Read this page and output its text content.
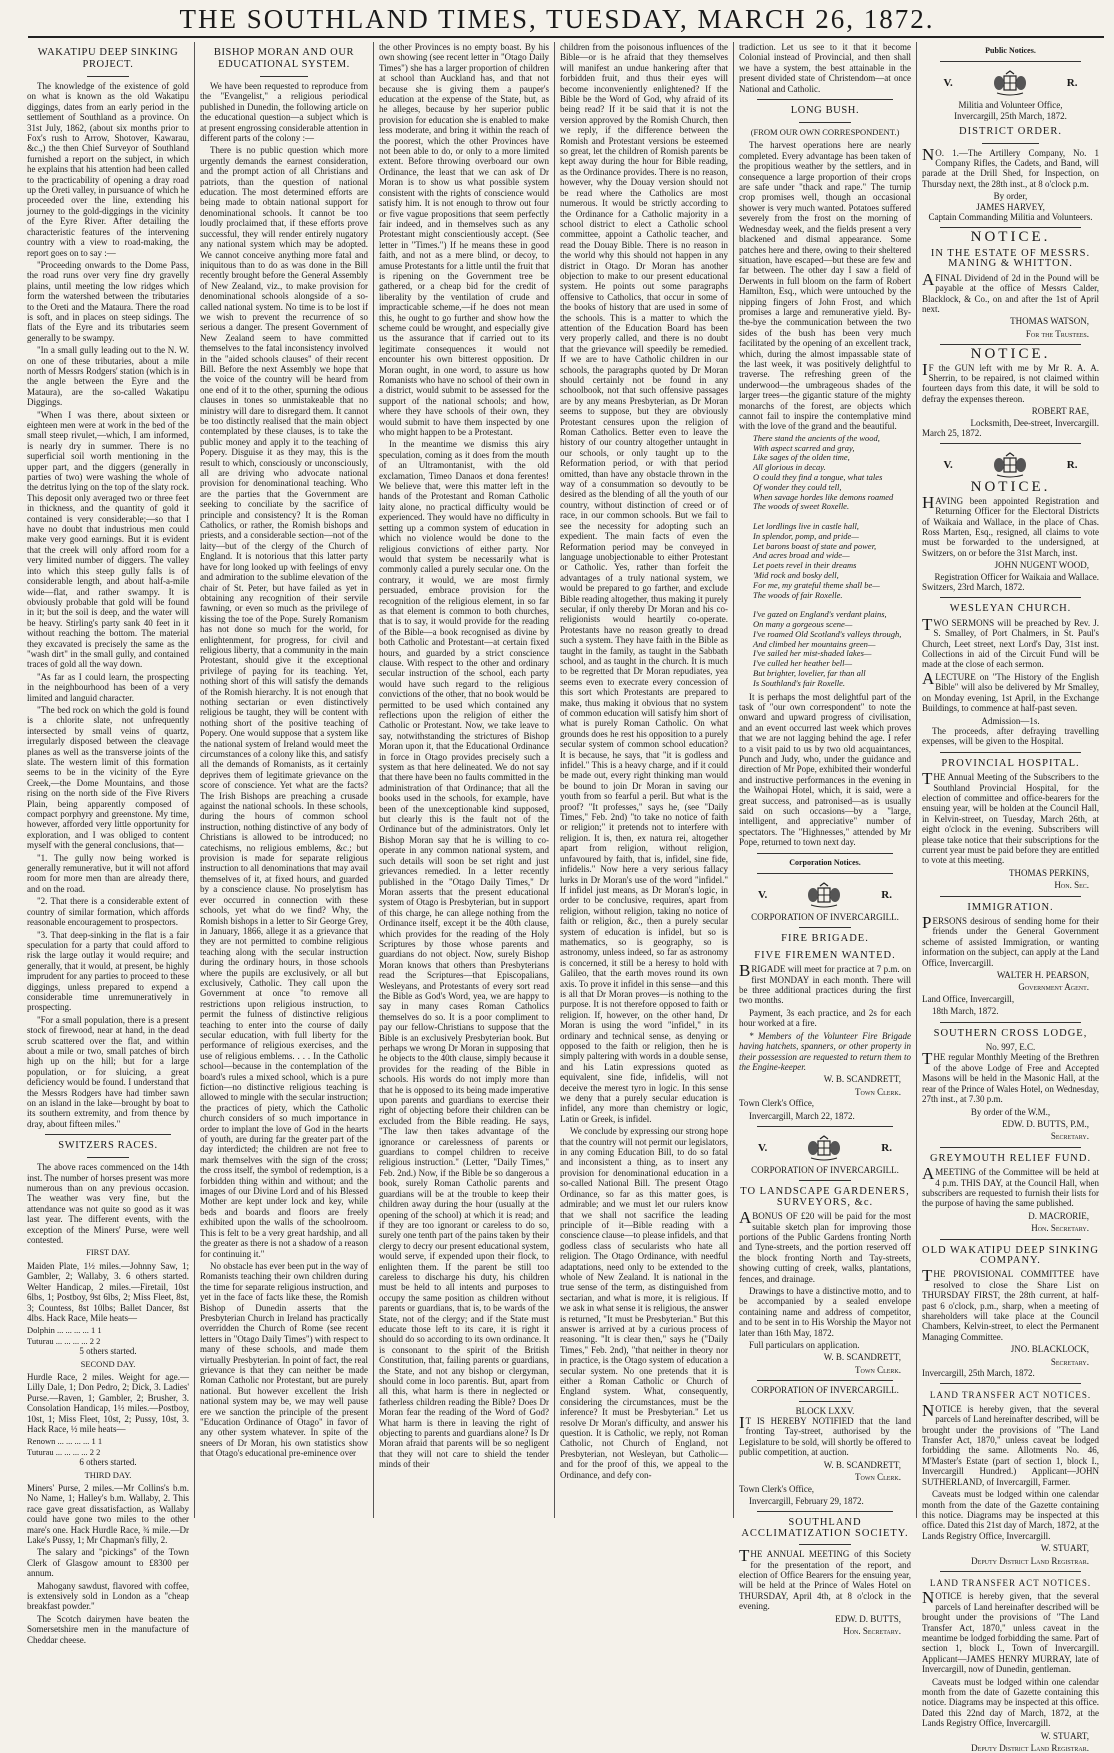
THE SOUTHLAND TIMES, TUESDAY, MARCH 26, 1872.
WAKATIPU DEEP SINKING PROJECT.

The knowledge of the existence of gold on what is known as the old Wakatipu diggings, dates from an early period in the settlement of Southland as a province. On 31st July, 1862, (about six months prior to Fox's rush to Arrow, Shotover, Kawarau, &c.,) the then Chief Surveyor of Southland furnished a report on the subject, in which he explains that his attention had been called to the practicability of opening a dray road up the Oreti valley, in pursuance of which he proceeded over the line, extending his journey to the gold-diggings in the vicinity of the Eyre River. After detailing the characteristic features of the intervening country with a view to road-making, the report goes on to say :—

"Proceeding onwards to the Dome Pass, the road runs over very fine dry gravelly plains, until meeting the low ridges which form the watershed between the tributaries to the Oreti and the Mataura. There the road is soft, and in places on steep sidings. The flats of the Eyre and its tributaries seem generally to be swampy.

"In a small gully leading out to the N. W. on one of these tributaries, about a mile north of Messrs Rodgers' station (which is in the angle between the Eyre and the Mataura), are the so-called Wakatipu Diggings.

"When I was there, about sixteen or eighteen men were at work in the bed of the small steep rivulet,—which, I am informed, is nearly dry in summer. There is no superficial soil worth mentioning in the upper part, and the diggers (generally in parties of two) were washing the whole of the detritus lying on the top of the slaty rock. This deposit only averaged two or three feet in thickness, and the quantity of gold it contained is very considerable;—so that I have no doubt that industrious men could make very good earnings. But it is evident that the creek will only afford room for a very limited number of diggers. The valley into which this steep gully falls is of considerable length, and about half-a-mile wide—flat, and rather swampy. It is obviously probable that gold will be found in it; but the soil is deep, and the water will be heavy. Stirling's party sank 40 feet in it without reaching the bottom. The material they excavated is precisely the same as the "wash dirt" in the small gully, and contained traces of gold all the way down.

"As far as I could learn, the prospecting in the neighbourhood has been of a very limited and languid character.

"The bed rock on which the gold is found is a chlorite slate, not unfrequently intersected by small veins of quartz, irregularly disposed between the cleavage planes as well as the transverse joints of the slate. The western limit of this formation seems to be in the vicinity of the Eyre Creek,—the Dome Mountains, and those rising on the north side of the Five Rivers Plain, being apparently composed of compact porphyry and greenstone. My time, however, afforded very little opportunity for exploration, and I was obliged to content myself with the general conclusions, that—

"1. The gully now being worked is generally remunerative, but it will not afford room for more men than are already there, and on the road.

"2. That there is a considerable extent of country of similar formation, which affords reasonable encouragement to prospectors.

"3. That deep-sinking in the flat is a fair speculation for a party that could afford to risk the large outlay it would require; and generally, that it would, at present, be highly imprudent for any parties to proceed to these diggings, unless prepared to expend a considerable time unremuneratively in prospecting.

"For a small population, there is a present stock of firewood, near at hand, in the dead scrub scattered over the flat, and within about a mile or two, small patches of birch high up on the hill; but for a large population, or for sluicing, a great deficiency would be found. I understand that the Messrs Rodgers have had timber sawn on an island in the lake—brought by boat to its southern extremity, and from thence by dray, about fifteen miles."

SWITZERS RACES.

The above races commenced on the 14th inst. The number of horses present was more numerous than on any previous occasion. The weather was very fine, but the attendance was not quite so good as it was last year. The different events, with the exception of the Miners' Purse, were well contested.

FIRST DAY.

Maiden Plate, 1½ miles.—Johnny Saw, 1; Gambler, 2; Wallaby, 3. 6 others started. Welter Handicap, 2 miles.—Firetail, 10st 6lbs, 1; Postboy, 9st 6lbs, 2; Miss Fleet, 8st, 3; Countess, 8st 10lbs; Ballet Dancer, 8st 4lbs. Hack Race, Mile heats—

Dolphin ... ... ... ... 1 1
Tuturau ... ... ... ... 2 2
5 others started.
SECOND DAY.

Hurdle Race, 2 miles. Weight for age.—Lilly Dale, 1; Don Pedro, 2; Dick, 3. Ladies' Purse.—Raven, 1; Gambler, 2; Brusher, 3. Consolation Handicap, 1½ miles.—Postboy, 10st, 1; Miss Fleet, 10st, 2; Pussy, 10st, 3. Hack Race, ½ mile heats—

Renown ... ... ... ... 1 1
Tuturau ... ... ... ... 2 2
6 others started.
THIRD DAY.

Miners' Purse, 2 miles.—Mr Collins's b.m. No Name, 1; Halley's b.m. Wallaby, 2. This race gave great dissatisfaction, as Wallaby could have gone two miles to the other mare's one. Hack Hurdle Race, ¾ mile.—Dr Lake's Pussy, 1; Mr Chapman's filly, 2.

The salary and "pickings" of the Town Clerk of Glasgow amount to £8300 per annum.

Mahogany sawdust, flavored with coffee, is extensively sold in London as a "cheap breakfast powder."

The Scotch dairymen have beaten the Somersetshire men in the manufacture of Cheddar cheese.

BISHOP MORAN AND OUR EDUCATIONAL SYSTEM.

We have been requested to reproduce from the "Evangelist," a religious periodical published in Dunedin, the following article on the educational question—a subject which is at present engrossing considerable attention in different parts of the colony :—

There is no public question which more urgently demands the earnest consideration, and the prompt action of all Christians and patriots, than the question of national education. The most determined efforts are being made to obtain national support for denominational schools. It cannot be too loudly proclaimed that, if these efforts prove successful, they will render entirely nugatory any national system which may be adopted. We cannot conceive anything more fatal and iniquitous than to do as was done in the Bill recently brought before the General Assembly of New Zealand, viz., to make provision for denominational schools alongside of a so-called national system. No time is to be lost if we wish to prevent the recurrence of so serious a danger. The present Government of New Zealand seem to have committed themselves to the fatal inconsistency involved in the "aided schools clauses" of their recent Bill. Before the next Assembly we hope that the voice of the country will be heard from one end of it to the other, spurning the odious clauses in tones so unmistakeable that no ministry will dare to disregard them. It cannot be too distinctly realised that the main object contemplated by these clauses, is to take the public money and apply it to the teaching of Popery. Disguise it as they may, this is the result to which, consciously or unconsciously, all are driving who advocate national provision for denominational teaching. Who are the parties that the Government are seeking to conciliate by the sacrifice of principle and consistency? It is the Roman Catholics, or rather, the Romish bishops and priests, and a considerable section—not of the laity—but of the clergy of the Church of England. It is notorious that this latter party have for long looked up with feelings of envy and admiration to the sublime elevation of the chair of St. Peter, but have failed as yet in obtaining any recognition of their servile fawning, or even so much as the privilege of kissing the toe of the Pope. Surely Romanism has not done so much for the world, for enlightenment, for progress, for civil and religious liberty, that a community in the main Protestant, should give it the exceptional privilege of paying for its teaching. Yet, nothing short of this will satisfy the demands of the Romish hierarchy. It is not enough that nothing sectarian or even distinctively religious be taught, they will be content with nothing short of the positive teaching of Popery. One would suppose that a system like the national system of Ireland would meet the circumstances of a colony like this, and satisfy all the demands of Romanists, as it certainly deprives them of legitimate grievance on the score of conscience. Yet what are the facts? The Irish Bishops are preaching a crusade against the national schools. In these schools, during the hours of common school instruction, nothing distinctive of any body of Christians is allowed to be introduced; no catechisms, no religious emblems, &c.; but provision is made for separate religious instruction to all denominations that may avail themselves of it, at fixed hours, and guarded by a conscience clause. No proselytism has ever occurred in connection with these schools, yet what do we find? Why, the Romish bishops in a letter to Sir George Grey, in January, 1866, allege it as a grievance that they are not permitted to combine religious teaching along with the secular instruction during the ordinary hours, in those schools where the pupils are exclusively, or all but exclusively, Catholic. They call upon the Government at once "to remove all restrictions upon religious instruction, to permit the fulness of distinctive religious teaching to enter into the course of daily secular education, with full liberty for the performance of religious exercises, and the use of religious emblems. . . . In the Catholic school—because in the contemplation of the board's rules a mixed school, which is a pure fiction—no distinctive religious teaching is allowed to mingle with the secular instruction; the practices of piety, which the Catholic church considers of so much importance in order to implant the love of God in the hearts of youth, are during far the greater part of the day interdicted; the children are not free to mark themselves with the sign of the cross; the cross itself, the symbol of redemption, is a forbidden thing within and without; and the images of our Divine Lord and of his Blessed Mother are kept under lock and key, while beds and boards and floors are freely exhibited upon the walls of the schoolroom. This is felt to be a very great hardship, and all the greater as there is not a shadow of a reason for continuing it."

No obstacle has ever been put in the way of Romanists teaching their own children during the time for separate religious instruction, and yet in the face of facts like these, the Romish Bishop of Dunedin asserts that the Presbyterian Church in Ireland has practically overridden the Church of Rome (see recent letters in "Otago Daily Times") with respect to many of these schools, and made them virtually Presbyterian. In point of fact, the real grievance is that they can neither be made Roman Catholic nor Protestant, but are purely national. But however excellent the Irish national system may be, we may well pause ere we sanction the principle of the present "Education Ordinance of Otago" in favor of any other system whatever. In spite of the sneers of Dr Moran, his own statistics show that Otago's educational pre-eminence over

the other Provinces is no empty boast. By his own showing (see recent letter in "Otago Daily Times") she has a larger proportion of children at school than Auckland has, and that not because she is giving them a pauper's education at the expense of the State, but, as he alleges, because by her superior public provision for education she is enabled to make less moderate, and bring it within the reach of the poorest, which the other Provinces have not been able to do, or only to a more limited extent. Before throwing overboard our own Ordinance, the least that we can ask of Dr Moran is to show us what possible system consistent with the rights of conscience would satisfy him. It is not enough to throw out four or five vague propositions that seem perfectly fair indeed, and in themselves such as any Protestant might conscientiously accept. (See letter in "Times.") If he means these in good faith, and not as a mere blind, or decoy, to amuse Protestants for a little until the fruit that is ripening on the Government tree be gathered, or a cheap bid for the credit of liberality by the ventilation of crude and impracticable scheme,—if he does not mean this, he ought to go further and show how the scheme could be wrought, and especially give us the assurance that if carried out to its legitimate consequences it would not encounter his own bitterest opposition. Dr Moran ought, in one word, to assure us how Romanists who have no school of their own in a district, would submit to be assessed for the support of the national schools; and how, where they have schools of their own, they would submit to have them inspected by one who might happen to be a Protestant.

In the meantime we dismiss this airy speculation, coming as it does from the mouth of an Ultramontanist, with the old exclamation, Timeo Danaos et dona ferentes! We believe that, were this matter left in the hands of the Protestant and Roman Catholic laity alone, no practical difficulty would be experienced. They would have no difficulty in setting up a common system of education in which no violence would be done to the religious convictions of either party. Nor would that system be necessarily what is commonly called a purely secular one. On the contrary, it would, we are most firmly persuaded, embrace provision for the recognition of the religious element, in so far as that element is common to both churches, that is to say, it would provide for the reading of the Bible—a book recognised as divine by both Catholic and Protestant—at certain fixed hours, and guarded by a strict conscience clause. With respect to the other and ordinary secular instruction of the school, each party would have such regard to the religious convictions of the other, that no book would be permitted to be used which contained any reflections upon the religion of either the Catholic or Protestant. Now, we take leave to say, notwithstanding the strictures of Bishop Moran upon it, that the Educational Ordinance in force in Otago provides precisely such a system as that here delineated. We do not say that there have been no faults committed in the administration of that Ordinance; that all the books used in the schools, for example, have been of the unexceptionable kind supposed, but clearly this is the fault not of the Ordinance but of the administrators. Only let Bishop Moran say that he is willing to co-operate in any common national system, and such details will soon be set right and just grievances remedied. In a letter recently published in the "Otago Daily Times," Dr Moran asserts that the present educational system of Otago is Presbyterian, but in support of this charge, he can allege nothing from the Ordinance itself, except it be the 40th clause, which provides for the reading of the Holy Scriptures by those whose parents and guardians do not object. Now, surely Bishop Moran knows that others than Presbyterians read the Scriptures—that Episcopalians, Wesleyans, and Protestants of every sort read the Bible as God's Word, yea, we are happy to say in many cases Roman Catholics themselves do so. It is a poor compliment to pay our fellow-Christians to suppose that the Bible is an exclusively Presbyterian book. But perhaps we wrong Dr Moran in supposing that he objects to the 40th clause, simply because it provides for the reading of the Bible in schools. His words do not imply more than that he is opposed to its being made imperative upon parents and guardians to exercise their right of objecting before their children can be excluded from the Bible reading. He says, "The law then takes advantage of the ignorance or carelessness of parents or guardians to compel children to receive religious instruction." (Letter, "Daily Times," Feb. 2nd.) Now, if the Bible be so dangerous a book, surely Roman Catholic parents and guardians will be at the trouble to keep their children away during the hour (usually at the opening of the school) at which it is read; and if they are too ignorant or careless to do so, surely one tenth part of the pains taken by their clergy to decry our present educational system, would serve, if expended upon their flock, to enlighten them. If the parent be still too careless to discharge his duty, his children must be held to all intents and purposes to occupy the same position as children without parents or guardians, that is, to be wards of the State, not of the clergy; and if the State must educate those left to its care, it is right it should do so according to its own ordinance. It is consonant to the spirit of the British Constitution, that, failing parents or guardians, the State, and not any bishop or clergyman, should come in loco parentis. But, apart from all this, what harm is there in neglected or fatherless children reading the Bible? Does Dr Moran fear the reading of the Word of God? What harm is there in leaving the right of objecting to parents and guardians alone? Is Dr Moran afraid that parents will be so negligent that they will not care to shield the tender minds of their

children from the poisonous influences of the Bible—or is he afraid that they themselves will manifest an undue hankering after that forbidden fruit, and thus their eyes will become inconveniently enlightened? If the Bible be the Word of God, why afraid of its being read? If it be said that it is not the version approved by the Romish Church, then we reply, if the difference between the Romish and Protestant versions be esteemed so great, let the children of Romish parents be kept away during the hour for Bible reading, as the Ordinance provides. There is no reason, however, why the Douay version should not be read where the Catholics are most numerous. It would be strictly according to the Ordinance for a Catholic majority in a school district to elect a Catholic school committee, appoint a Catholic teacher, and read the Douay Bible. There is no reason in the world why this should not happen in any district in Otago. Dr Moran has another objection to make to our present educational system. He points out some paragraphs offensive to Catholics, that occur in some of the books of history that are used in some of the schools. This is a matter to which the attention of the Education Board has been very properly called, and there is no doubt that the grievance will speedily be remedied. If we are to have Catholic children in our schools, the paragraphs quoted by Dr Moran should certainly not be found in any schoolbook, not that such offensive passages are by any means Presbyterian, as Dr Moran seems to suppose, but they are obviously Protestant censures upon the religion of Roman Catholics. Better even to leave the history of our country altogether untaught in our schools, or only taught up to the Reformation period, or with that period omitted, than have any obstacle thrown in the way of a consummation so devoutly to be desired as the blending of all the youth of our country, without distinction of creed or of race, in our common schools. But we fail to see the necessity for adopting such an expedient. The main facts of even the Reformation period may be conveyed in language unobjectionable to either Protestant or Catholic. Yes, rather than forfeit the advantages of a truly national system, we would be prepared to go farther, and exclude Bible reading altogether, thus making it purely secular, if only thereby Dr Moran and his co-religionists would heartily co-operate. Protestants have no reason greatly to dread such a system. They have faith in the Bible as taught in the family, as taught in the Sabbath school, and as taught in the church. It is much to be regretted that Dr Moran repudiates, yea seems even to execrate every concession of this sort which Protestants are prepared to make, thus making it obvious that no system of common education will satisfy him short of what is purely Roman Catholic. On what grounds does he rest his opposition to a purely secular system of common school education? It is because, he says, that "it is godless and infidel." This is a heavy charge, and if it could be made out, every right thinking man would be bound to join Dr Moran in saving our youth from so fearful a peril. But what is the proof? "It professes," says he, (see "Daily Times," Feb. 2nd) "to take no notice of faith or religion;" it pretends not to interfere with religion. It is, then, ex natura rei, altogether apart from religion, without religion, unfavoured by faith, that is, infidel, sine fide, infidelis." Now here a very serious fallacy lurks in Dr Moran's use of the word "infidel." If infidel just means, as Dr Moran's logic, in order to be conclusive, requires, apart from religion, without religion, taking no notice of faith or religion, &c., then a purely secular system of education is infidel, but so is mathematics, so is geography, so is astronomy, unless indeed, so far as astronomy is concerned, it still be a heresy to hold with Galileo, that the earth moves round its own axis. To prove it infidel in this sense—and this is all that Dr Moran proves—is nothing to the purpose. It is not therefore opposed to faith or religion. If, however, on the other hand, Dr Moran is using the word "infidel," in its ordinary and technical sense, as denying or opposed to the faith or religion, then he is simply paltering with words in a double sense, and his Latin expressions quoted as equivalent, sine fide, infidelis, will not deceive the merest tyro in logic. In this sense we deny that a purely secular education is infidel, any more than chemistry or logic, Latin or Greek, is infidel.

We conclude by expressing our strong hope that the country will not permit our legislators, in any coming Education Bill, to do so fatal and inconsistent a thing, as to insert any provision for denominational education in a so-called National Bill. The present Otago Ordinance, so far as this matter goes, is admirable; and we must let our rulers know that we shall not sacrifice the leading principle of it—Bible reading with a conscience clause—to please infidels, and that godless class of secularists who hate all religion. The Otago Ordinance, with needful adaptations, need only to be extended to the whole of New Zealand. It is national in the true sense of the term, as distinguished from sectarian, and what is more, it is religious. If we ask in what sense it is religious, the answer is returned, "It must be Presbyterian." But this answer is arrived at by a curious process of reasoning. "It is clear then," says he ("Daily Times," Feb. 2nd), "that neither in theory nor in practice, is the Otago system of education a secular system. No one pretends that it is either a Roman Catholic or Church of England system. What, consequently, considering the circumstances, must be the inference? It must be Presbyterian." Let us resolve Dr Moran's difficulty, and answer his question. It is Catholic, we reply, not Roman Catholic, not Church of England, not Presbyterian, not Wesleyan, but Catholic—and for the proof of this, we appeal to the Ordinance, and defy con-

tradiction. Let us see to it that it become Colonial instead of Provincial, and then shall we have a system, the best attainable in the present divided state of Christendom—at once National and Catholic.

LONG BUSH.
(FROM OUR OWN CORRESPONDENT.)

The harvest operations here are nearly completed. Every advantage has been taken of the propitious weather by the settlers, and in consequence a large proportion of their crops are safe under "thack and rape." The turnip crop promises well, though an occasional shower is very much wanted. Potatoes suffered severely from the frost on the morning of Wednesday week, and the fields present a very blackened and dismal appearance. Some patches here and there, owing to their sheltered situation, have escaped—but these are few and far between. The other day I saw a field of Derwents in full bloom on the farm of Robert Hamilton, Esq., which were untouched by the nipping fingers of John Frost, and which promises a large and remunerative yield. By-the-bye the communication between the two sides of the bush has been very much facilitated by the opening of an excellent track, which, during the almost impassable state of the last week, it was positively delightful to traverse. The refreshing green of the underwood—the umbrageous shades of the larger trees—the gigantic stature of the mighty monarchs of the forest, are objects which cannot fail to inspire the contemplative mind with the love of the grand and the beautiful.

There stand the ancients of the wood,
With aspect scarred and gray,
Like sages of the olden time,
All glorious in decay.
O could they find a tongue, what tales
Of wonder they could tell,
When savage hordes like demons roamed
The woods of sweet Roxelle.

Let lordlings live in castle hall,
In splendor, pomp, and pride—
Let barons boast of state and power,
And acres broad and wide—
Let poets revel in their dreams
'Mid rock and bosky dell,
For me, my grateful theme shall be—
The woods of fair Roxelle.

I've gazed on England's verdant plains,
On many a gorgeous scene—
I've roamed Old Scotland's valleys through,
And climbed her mountains green—
I've sailed her mist-shaded lakes—
I've culled her heather bell—
But brighter, lovelier, far than all
Is Southland's fair Roxelle.

It is perhaps the most delightful part of the task of "our own correspondent" to note the onward and upward progress of civilisation, and an event occurred last week which proves that we are not lagging behind the age. I refer to a visit paid to us by two old acquaintances, Punch and Judy, who, under the guidance and direction of Mr Pope, exhibited their wonderful and instructive performances in the evening in the Waihopai Hotel, which, it is said, were a great success, and patronised—as is usually said on such occasions—by a "large, intelligent, and appreciative" number of spectators. The "Highnesses," attended by Mr Pope, returned to town next day.

Corporation Notices.
V.	R.
CORPORATION OF INVERCARGILL.
FIRE BRIGADE.
FIVE FIREMEN WANTED.

BRIGADE will meet for practice at 7 p.m. on first MONDAY in each month. There will be three additional practices during the first two months.

Payment, 3s each practice, and 2s for each hour worked at a fire.

* Members of the Volunteer Fire Brigade having hatchets, spanners, or other property in their possession are requested to return them to the Engine-keeper.

W. B. SCANDRETT,
Town Clerk.

Town Clerk's Office,

Invercargill, March 22, 1872.

V.	R.
CORPORATION OF INVERCARGILL.
TO LANDSCAPE GARDENERS, SURVEYORS, &c.

ABONUS OF £20 will be paid for the most suitable sketch plan for improving those portions of the Public Gardens fronting North and Tyne-streets, and the portion reserved off the block fronting North and Tay-streets, showing cutting of creek, walks, plantations, fences, and drainage.

Drawings to have a distinctive motto, and to be accompanied by a sealed envelope containing name and address of competitor, and to be sent in to His Worship the Mayor not later than 16th May, 1872.

Full particulars on application.

W. B. SCANDRETT,
Town Clerk.
CORPORATION OF INVERCARGILL.
BLOCK LXXV.

IT IS HEREBY NOTIFIED that the land fronting Tay-street, authorised by the Legislature to be sold, will shortly be offered to public competition, at auction.

W. B. SCANDRETT,
Town Clerk.

Town Clerk's Office,

Invercargill, February 29, 1872.

SOUTHLAND ACCLIMATIZATION SOCIETY.

THE ANNUAL MEETING of this Society for the presentation of the report, and election of Office Bearers for the ensuing year, will be held at the Prince of Wales Hotel on THURSDAY, April 4th, at 8 o'clock in the evening.

EDW. D. BUTTS,
Hon. Secretary.
Public Notices.
V.	R.
Militia and Volunteer Office,
Invercargill, 25th March, 1872.
DISTRICT ORDER.

NO. 1.—The Artillery Company, No. 1 Company Rifles, the Cadets, and Band, will parade at the Drill Shed, for Inspection, on Thursday next, the 28th inst., at 8 o'clock p.m.

By order,
JAMES HARVEY,
Captain Commanding Militia and Volunteers.
NOTICE.
IN THE ESTATE OF MESSRS. MANING & WHITTON.

AFINAL Dividend of 2d in the Pound will be payable at the office of Messrs Calder, Blacklock, & Co., on and after the 1st of April next.

THOMAS WATSON,
For the Trustees.
NOTICE.

IF the GUN left with me by Mr R. A. A. Sherrin, to be repaired, is not claimed within fourteen days from this date, it will be sold to defray the expenses thereon.

ROBERT RAE,
Locksmith, Dee-street, Invercargill.

March 25, 1872.

V.	R.
NOTICE.

HAVING been appointed Registration and Returning Officer for the Electoral Districts of Waikaia and Wallace, in the place of Chas. Ross Marten, Esq., resigned, all claims to vote must be forwarded to the undersigned, at Switzers, on or before the 31st March, inst.

JOHN NUGENT WOOD,
Registration Officer for Waikaia and Wallace.

Switzers, 23rd March, 1872.

WESLEYAN CHURCH.

TWO SERMONS will be preached by Rev. J. S. Smalley, of Port Chalmers, in St. Paul's Church, Leet street, next Lord's Day, 31st inst. Collections in aid of the Circuit Fund will be made at the close of each sermon.

ALECTURE on "The History of the English Bible" will also be delivered by Mr Smalley, on Monday evening, 1st April, in the Exchange Buildings, to commence at half-past seven.

Admission—1s.

The proceeds, after defraying travelling expenses, will be given to the Hospital.

PROVINCIAL HOSPITAL.

THE Annual Meeting of the Subscribers to the Southland Provincial Hospital, for the election of committee and office-bearers for the ensuing year, will be holden at the Council Hall, in Kelvin-street, on Tuesday, March 26th, at eight o'clock in the evening. Subscribers will please take notice that their subscriptions for the current year must be paid before they are entitled to vote at this meeting.

THOMAS PERKINS,
Hon. Sec.
IMMIGRATION.

PERSONS desirous of sending home for their friends under the General Government scheme of assisted Immigration, or wanting information on the subject, can apply at the Land Office, Invercargill.

WALTER H. PEARSON,
Government Agent.

Land Office, Invercargill,

18th March, 1872.

SOUTHERN CROSS LODGE,
No. 997, E.C.

THE regular Monthly Meeting of the Brethren of the above Lodge of Free and Accepted Masons will be held in the Masonic Hall, at the rear of the Prince of Wales Hotel, on Wednesday, 27th inst., at 7.30 p.m.

By order of the W.M.,
EDW. D. BUTTS, P.M.,
Secretary.
GREYMOUTH RELIEF FUND.

AMEETING of the Committee will be held at 4 p.m. THIS DAY, at the Council Hall, when subscribers are requested to furnish their lists for the purpose of having the same published.

D. MACRORIE,
Hon. Secretary.
OLD WAKATIPU DEEP SINKING COMPANY.

THE PROVISIONAL COMMITTEE have resolved to close the Share List on THURSDAY FIRST, the 28th current, at half-past 6 o'clock, p.m., sharp, when a meeting of shareholders will take place at the Council Chambers, Kelvin-street, to elect the Permanent Managing Committee.

JNO. BLACKLOCK,
Secretary.

Invercargill, 25th March, 1872.

LAND TRANSFER ACT NOTICES.

NOTICE is hereby given, that the several parcels of Land hereinafter described, will be brought under the provisions of "The Land Transfer Act, 1870," unless caveat be lodged forbidding the same. Allotments No. 46, M'Master's Estate (part of section 1, block I., Invercargill Hundred.) Applicant—JOHN SUTHERLAND, of Invercargill, Farmer.

Caveats must be lodged within one calendar month from the date of the Gazette containing this notice. Diagrams may be inspected at this office. Dated this 21st day of March, 1872, at the Lands Registry Office, Invercargill.

W. STUART,
Deputy District Land Registrar.
LAND TRANSFER ACT NOTICES.

NOTICE is hereby given, that the several parcels of Land hereinafter described will be brought under the provisions of "The Land Transfer Act, 1870," unless caveat in the meantime be lodged forbidding the same. Part of section 1, block I., Town of Invercargill. Applicant—JAMES HENRY MURRAY, late of Invercargill, now of Dunedin, gentleman.

Caveats must be lodged within one calendar month from the date of Gazette containing this notice. Diagrams may be inspected at this office. Dated this 22nd day of March, 1872, at the Lands Registry Office, Invercargill.

W. STUART,
Deputy District Land Registrar.
